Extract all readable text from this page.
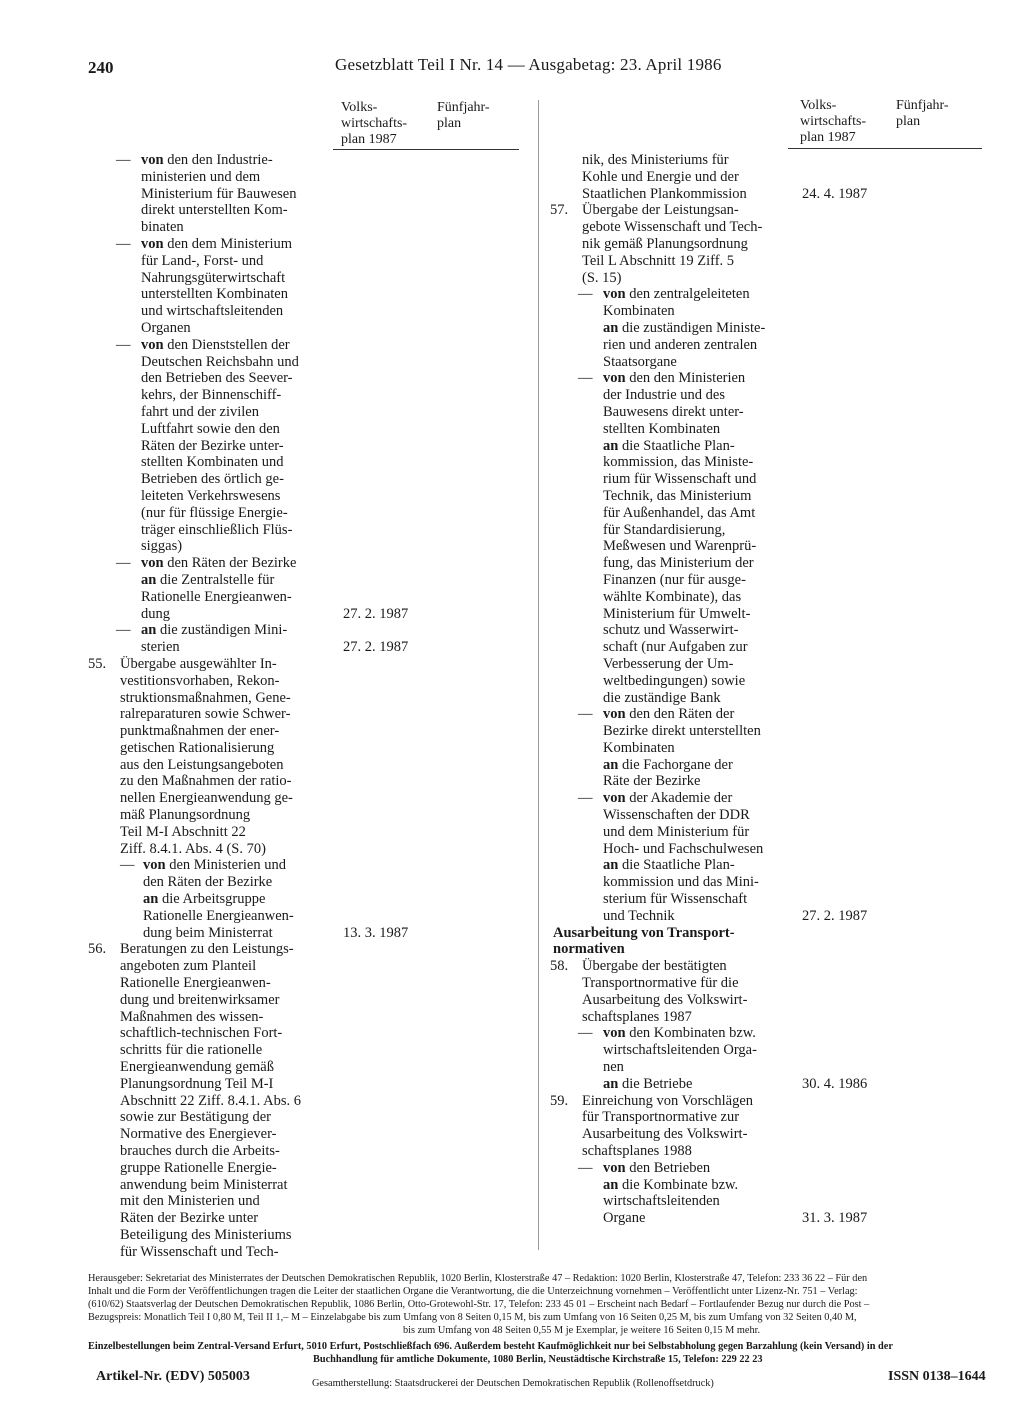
240	Gesetzblatt Teil I Nr. 14 — Ausgabetag: 23. April 1986
Volks-
wirtschafts-
plan 1987
Fünfjahr-
plan
Volks-
wirtschafts-
plan 1987
Fünfjahr-
plan
— von den den Industrie-
ministerien und dem
Ministerium für Bauwesen
direkt unterstellten Kom-
binaten
— von den dem Ministerium
für Land-, Forst- und
Nahrungsgüterwirtschaft
unterstellten Kombinaten
und wirtschaftsleitenden
Organen
— von den Dienststellen der
Deutschen Reichsbahn und
den Betrieben des Seever-
kehrs, der Binnenschiff-
fahrt und der zivilen
Luftfahrt sowie den den
Räten der Bezirke unter-
stellten Kombinaten und
Betrieben des örtlich ge-
leiteten Verkehrswesens
(nur für flüssige Energie-
träger einschließlich Flüs-
siggas)
— von den Räten der Bezirke
an die Zentralstelle für
Rationelle Energieanwen-
dung	27. 2. 1987
— an die zuständigen Mini-
sterien	27. 2. 1987
55. Übergabe ausgewählter In-
vestitionsvorhaben, Rekon-
struktionsmaßnahmen, Gene-
ralreparaturen sowie Schwer-
punktmaßnahmen der ener-
getischen Rationalisierung
aus den Leistungsangeboten
zu den Maßnahmen der ratio-
nellen Energieanwendung ge-
mäß Planungsordnung
Teil M-I Abschnitt 22
Ziff. 8.4.1. Abs. 4 (S. 70)
— von den Ministerien und
den Räten der Bezirke
an die Arbeitsgruppe
Rationelle Energieanwen-
dung beim Ministerrat	13. 3. 1987
56. Beratungen zu den Leistungs-
angeboten zum Planteil
Rationelle Energieanwen-
dung und breitenwirksamer
Maßnahmen des wissen-
schaftlich-technischen Fort-
schritts für die rationelle
Energieanwendung gemäß
Planungsordnung Teil M-I
Abschnitt 22 Ziff. 8.4.1. Abs. 6
sowie zur Bestätigung der
Normative des Energiever-
brauches durch die Arbeits-
gruppe Rationelle Energie-
anwendung beim Ministerrat
mit den Ministerien und
Räten der Bezirke unter
Beteiligung des Ministeriums
für Wissenschaft und Tech-
nik, des Ministeriums für
Kohle und Energie und der
Staatlichen Plankommission	24. 4. 1987
57. Übergabe der Leistungsan-
gebote Wissenschaft und Tech-
nik gemäß Planungsordnung
Teil L Abschnitt 19 Ziff. 5
(S. 15)
— von den zentralgeleiteten
Kombinaten
an die zuständigen Ministe-
rien und anderen zentralen
Staatsorgane
— von den den Ministerien
der Industrie und des
Bauwesens direkt unter-
stellten Kombinaten
an die Staatliche Plan-
kommission, das Ministe-
rium für Wissenschaft und
Technik, das Ministerium
für Außenhandel, das Amt
für Standardisierung,
Meßwesen und Warenprü-
fung, das Ministerium der
Finanzen (nur für ausge-
wählte Kombinate), das
Ministerium für Umwelt-
schutz und Wasserwirt-
schaft (nur Aufgaben zur
Verbesserung der Um-
weltbedingungen) sowie
die zuständige Bank
— von den den Räten der
Bezirke direkt unterstellten
Kombinaten
an die Fachorgane der
Räte der Bezirke
— von der Akademie der
Wissenschaften der DDR
und dem Ministerium für
Hoch- und Fachschulwesen
an die Staatliche Plan-
kommission und das Mini-
sterium für Wissenschaft
und Technik	27. 2. 1987
Ausarbeitung von Transport-
normativen
58. Übergabe der bestätigten
Transportnormative für die
Ausarbeitung des Volkswirt-
schaftsplanes 1987
— von den Kombinaten bzw.
wirtschaftsleitenden Orga-
nen
an die Betriebe	30. 4. 1986
59. Einreichung von Vorschlägen
für Transportnormative zur
Ausarbeitung des Volkswirt-
schaftsplanes 1988
— von den Betrieben
an die Kombinate bzw.
wirtschaftsleitenden
Organe	31. 3. 1987
Herausgeber: Sekretariat des Ministerrates der Deutschen Demokratischen Republik, 1020 Berlin, Klosterstraße 47 – Redaktion: 1020 Berlin, Klosterstraße 47, Telefon: 233 36 22 – Für den
Inhalt und die Form der Veröffentlichungen tragen die Leiter der staatlichen Organe die Verantwortung, die die Unterzeichnung vornehmen – Veröffentlicht unter Lizenz-Nr. 751 – Verlag:
(610/62) Staatsverlag der Deutschen Demokratischen Republik, 1086 Berlin, Otto-Grotewohl-Str. 17, Telefon: 233 45 01 – Erscheint nach Bedarf – Fortlaufender Bezug nur durch die Post –
Bezugspreis: Monatlich Teil I 0,80 M, Teil II 1,– M – Einzelabgabe bis zum Umfang von 8 Seiten 0,15 M, bis zum Umfang von 16 Seiten 0,25 M, bis zum Umfang von 32 Seiten 0,40 M,
bis zum Umfang von 48 Seiten 0,55 M je Exemplar, je weitere 16 Seiten 0,15 M mehr.
Einzelbestellungen beim Zentral-Versand Erfurt, 5010 Erfurt, Postschließfach 696. Außerdem besteht Kaufmöglichkeit nur bei Selbstabholung gegen Barzahlung (kein Versand) in der
Buchhandlung für amtliche Dokumente, 1080 Berlin, Neustädtische Kirchstraße 15, Telefon: 229 22 23
Artikel-Nr. (EDV) 505003	Gesamtherstellung: Staatsdruckerei der Deutschen Demokratischen Republik (Rollenoffsetdruck)	ISSN 0138–1644
